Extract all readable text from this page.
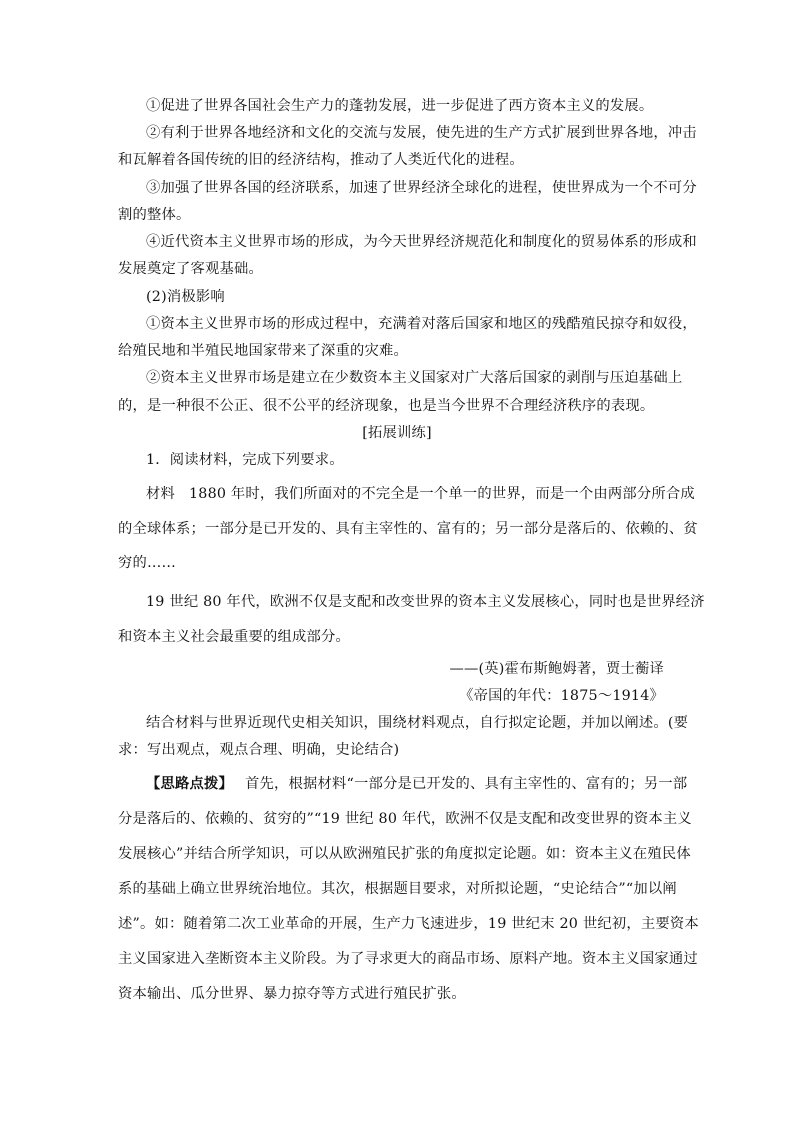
①促进了世界各国社会生产力的蓬勃发展，进一步促进了西方资本主义的发展。
②有利于世界各地经济和文化的交流与发展，使先进的生产方式扩展到世界各地，冲击
和瓦解着各国传统的旧的经济结构，推动了人类近代化的进程。
③加强了世界各国的经济联系，加速了世界经济全球化的进程，使世界成为一个不可分
割的整体。
④近代资本主义世界市场的形成，为今天世界经济规范化和制度化的贸易体系的形成和
发展奠定了客观基础。
(2)消极影响
①资本主义世界市场的形成过程中，充满着对落后国家和地区的残酷殖民掠夺和奴役，
给殖民地和半殖民地国家带来了深重的灾难。
②资本主义世界市场是建立在少数资本主义国家对广大落后国家的剥削与压迫基础上
的，是一种很不公正、很不公平的经济现象，也是当今世界不合理经济秩序的表现。
[拓展训练]
1．阅读材料，完成下列要求。
材料 1880 年时，我们所面对的不完全是一个单一的世界，而是一个由两部分所合成
的全球体系；一部分是已开发的、具有主宰性的、富有的；另一部分是落后的、依赖的、贫
穷的……
19 世纪 80 年代，欧洲不仅是支配和改变世界的资本主义发展核心，同时也是世界经济
和资本主义社会最重要的组成部分。
——(英)霍布斯鲍姆著，贾士蘅译
《帝国的年代：1875～1914》
结合材料与世界近现代史相关知识，围绕材料观点，自行拟定论题，并加以阐述。(要
求：写出观点，观点合理、明确，史论结合)
【思路点拨】 首先，根据材料“一部分是已开发的、具有主宰性的、富有的；另一部
分是落后的、依赖的、贫穷的”“19 世纪 80 年代，欧洲不仅是支配和改变世界的资本主义
发展核心”并结合所学知识，可以从欧洲殖民扩张的角度拟定论题。如：资本主义在殖民体
系的基础上确立世界统治地位。其次，根据题目要求，对所拟论题，“史论结合”“加以阐
述”。如：随着第二次工业革命的开展，生产力飞速进步，19 世纪末 20 世纪初，主要资本
主义国家进入垄断资本主义阶段。为了寻求更大的商品市场、原料产地。资本主义国家通过
资本输出、瓜分世界、暴力掠夺等方式进行殖民扩张。
